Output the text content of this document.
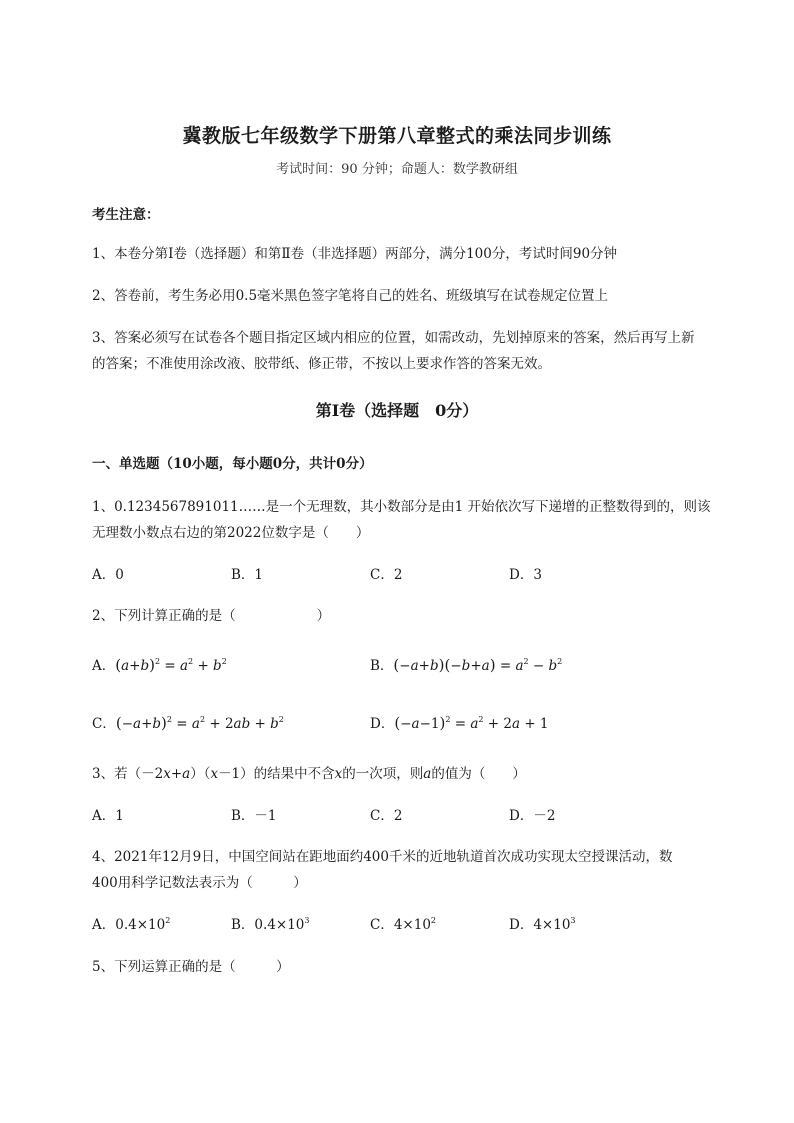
冀教版七年级数学下册第八章整式的乘法同步训练
考试时间：90 分钟；命题人：数学教研组
考生注意：
1、本卷分第Ⅰ卷（选择题）和第Ⅱ卷（非选择题）两部分，满分100分，考试时间90分钟
2、答卷前，考生务必用0.5毫米黑色签字笔将自己的姓名、班级填写在试卷规定位置上
3、答案必须写在试卷各个题目指定区域内相应的位置，如需改动，先划掉原来的答案，然后再写上新
的答案；不准使用涂改液、胶带纸、修正带，不按以上要求作答的答案无效。
第Ⅰ卷（选择题　0分）
一、单选题（10小题，每小题0分，共计0分）
1、0.1234567891011……是一个无理数，其小数部分是由1 开始依次写下递增的正整数得到的，则该
无理数小数点右边的第2022位数字是（　　）
A．0	B．1	C．2	D．3
2、下列计算正确的是（　　　　　　）
A．$(a+b)^2 = a^2 + b^2$	B．$(-a+b)(-b+a) = a^2 - b^2$
C．$(-a+b)^2 = a^2 + 2ab + b^2$	D．$(-a-1)^2 = a^2 + 2a + 1$
3、若（－2x+a）（x－1）的结果中不含x的一次项，则a的值为（　　）
A．1	B．－1	C．2	D．－2
4、2021年12月9日，中国空间站在距地面约400千米的近地轨道首次成功实现太空授课活动，数
400用科学记数法表示为（　　　）
A．$0.4\times 10^2$	B．$0.4\times 10^3$	C．$4\times 10^2$	D．$4\times 10^3$
5、下列运算正确的是（　　　）
